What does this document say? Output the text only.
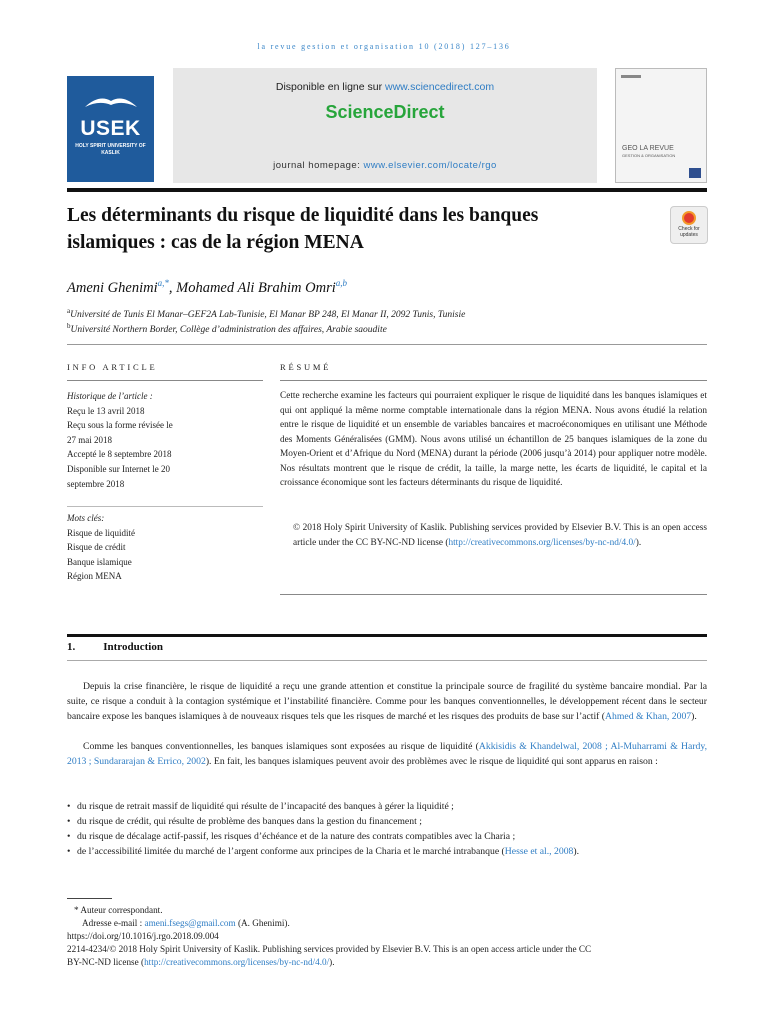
la revue gestion et organisation 10 (2018) 127–136
USEK
HOLY SPIRIT UNIVERSITY OF KASLIK
Disponible en ligne sur www.sciencedirect.com
ScienceDirect
journal homepage: www.elsevier.com/locate/rgo
GEO LA REVUE
GESTION & ORGANISATION
Les déterminants du risque de liquidité dans les banques
islamiques : cas de la région MENA
Check for
updates
Ameni Ghenimi$^{a,*}$, Mohamed Ali Brahim Omri$^{a,b}$
$^a$Université de Tunis El Manar–GEF2A Lab-Tunisie, El Manar BP 248, El Manar II, 2092 Tunis, Tunisie
$^b$Université Northern Border, Collège d’administration des affaires, Arabie saoudite
INFO ARTICLE
Historique de l’article :
Reçu le 13 avril 2018
Reçu sous la forme révisée le
27 mai 2018
Accepté le 8 septembre 2018
Disponible sur Internet le 20
septembre 2018
Mots clés:
Risque de liquidité
Risque de crédit
Banque islamique
Région MENA
RÉSUMÉ
Cette recherche examine les facteurs qui pourraient expliquer le risque de liquidité dans les banques islamiques et qui ont appliqué la même norme comptable internationale dans la région MENA. Nous avons étudié la relation entre le risque de liquidité et un ensemble de variables bancaires et macroéconomiques en utilisant une Méthode des Moments Généralisées (GMM). Nous avons utilisé un échantillon de 25 banques islamiques de la zone du Moyen-Orient et d’Afrique du Nord (MENA) durant la période (2006 jusqu’à 2014) pour appliquer notre modèle. Nos résultats montrent que le risque de crédit, la taille, la marge nette, les écarts de liquidité, le capital et la croissance économique sont les facteurs déterminants du risque de liquidité.
© 2018 Holy Spirit University of Kaslik. Publishing services provided by Elsevier B.V. This is an open access article under the CC BY-NC-ND license (http://creativecommons.org/licenses/by-nc-nd/4.0/).
1.	Introduction
Depuis la crise financière, le risque de liquidité a reçu une grande attention et constitue la principale source de fragilité du système bancaire mondial. Par la suite, ce risque a conduit à la contagion systémique et l’instabilité financière. Comme pour les banques conventionnelles, le développement récent dans le secteur bancaire expose les banques islamiques à de nouveaux risques tels que les risques de marché et les risques des produits de base sur l’actif (Ahmed & Khan, 2007).
Comme les banques conventionnelles, les banques islamiques sont exposées au risque de liquidité (Akkisidis & Khandelwal, 2008 ; Al-Muharrami & Hardy, 2013 ; Sundararajan & Errico, 2002). En fait, les banques islamiques peuvent avoir des problèmes avec le risque de liquidité qui sont apparus en raison :
• du risque de retrait massif de liquidité qui résulte de l’incapacité des banques à gérer la liquidité ;
• du risque de crédit, qui résulte de problème des banques dans la gestion du financement ;
• du risque de décalage actif-passif, les risques d’échéance et de la nature des contrats compatibles avec la Charia ;
• de l’accessibilité limitée du marché de l’argent conforme aux principes de la Charia et le marché intrabanque (Hesse et al., 2008).
* Auteur correspondant.
Adresse e-mail : ameni.fsegs@gmail.com (A. Ghenimi).
https://doi.org/10.1016/j.rgo.2018.09.004
2214-4234/© 2018 Holy Spirit University of Kaslik. Publishing services provided by Elsevier B.V. This is an open access article under the CC
BY-NC-ND license (http://creativecommons.org/licenses/by-nc-nd/4.0/).
